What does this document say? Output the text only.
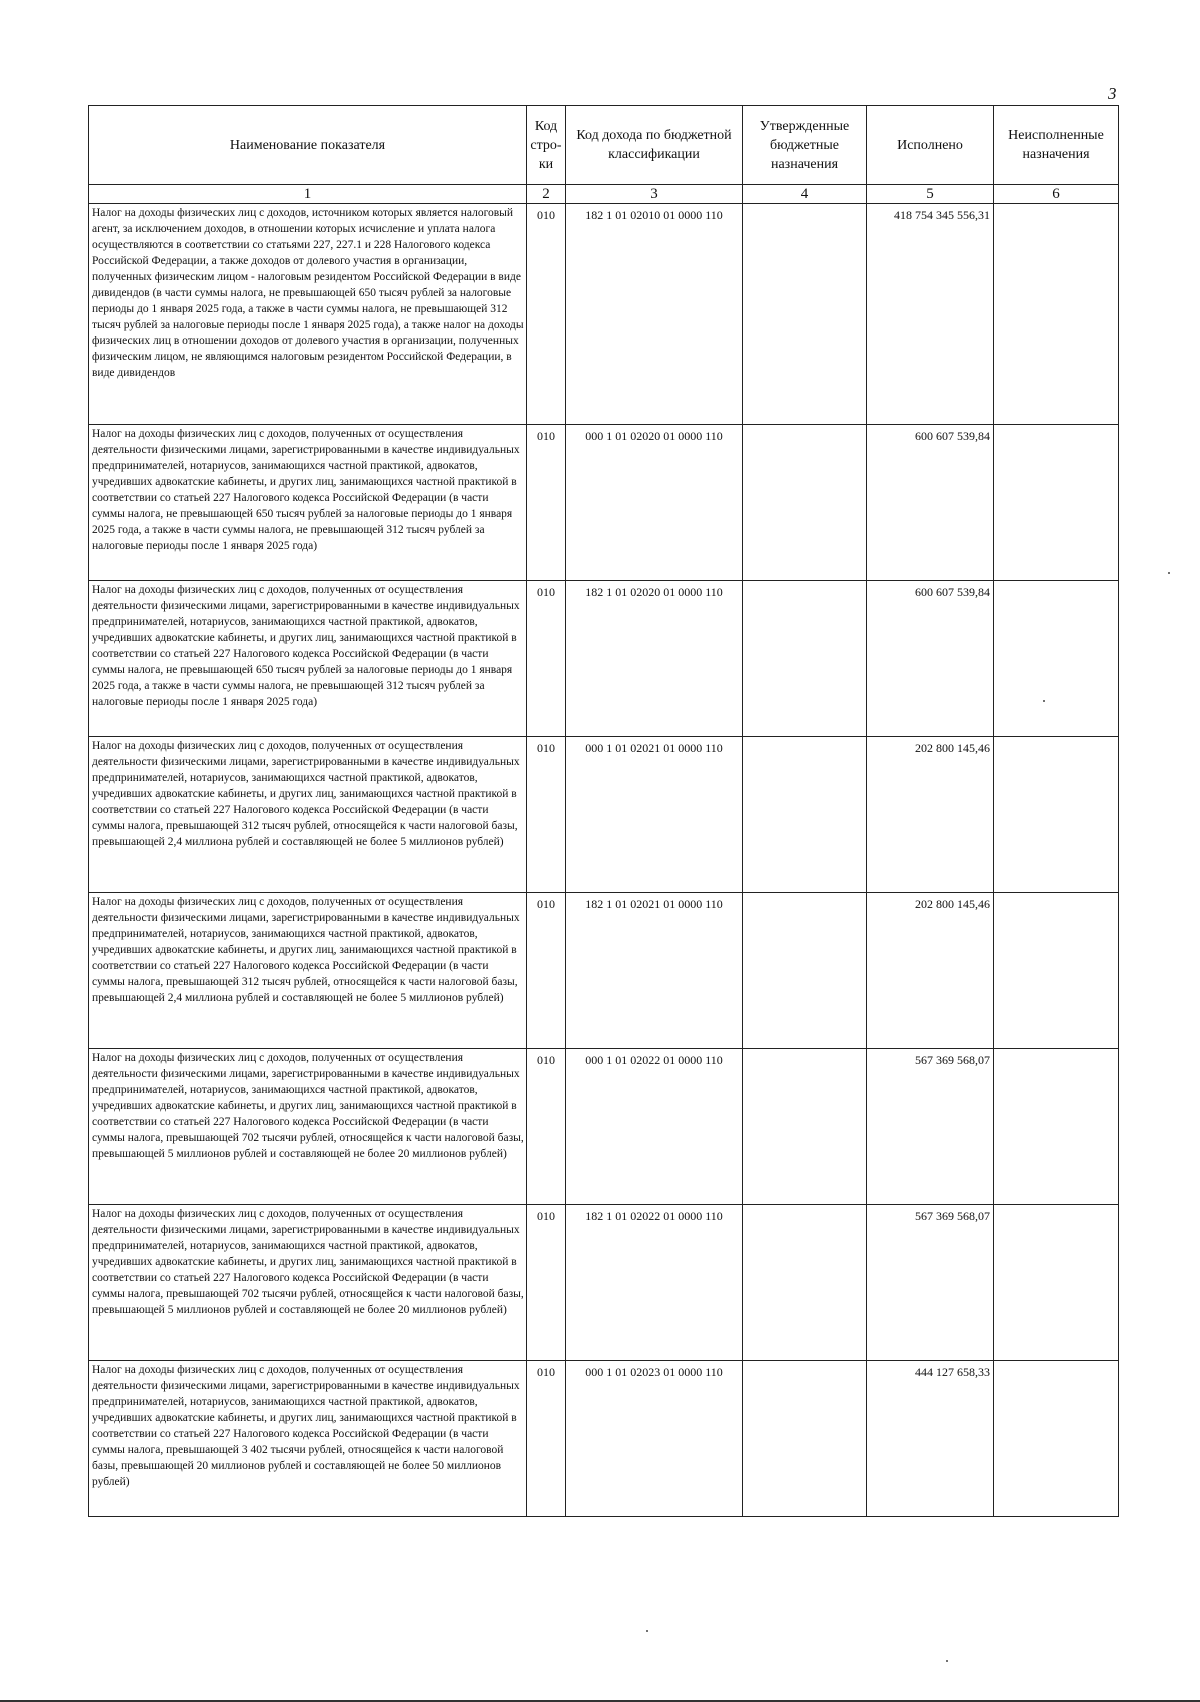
3
Наименование показателя	Код стро-ки	Код дохода по бюджетной классификации	Утвержденные бюджетные назначения	Исполнено	Неисполненные назначения
1	2	3	4	5	6
Налог на доходы физических лиц с доходов, источником которых является налоговый агент, за исключением доходов, в отношении которых исчисление и уплата налога осуществляются в соответствии со статьями 227, 227.1 и 228 Налогового кодекса Российской Федерации, а также доходов от долевого участия в организации, полученных физическим лицом - налоговым резидентом Российской Федерации в виде дивидендов (в части суммы налога, не превышающей 650 тысяч рублей за налоговые периоды до 1 января 2025 года, а также в части суммы налога, не превышающей 312 тысяч рублей за налоговые периоды после 1 января 2025 года), а также налог на доходы физических лиц в отношении доходов от долевого участия в организации, полученных физическим лицом, не являющимся налоговым резидентом Российской Федерации, в виде дивидендов	010	182 1 01 02010 01 0000 110		418 754 345 556,31	
Налог на доходы физических лиц с доходов, полученных от осуществления деятельности физическими лицами, зарегистрированными в качестве индивидуальных предпринимателей, нотариусов, занимающихся частной практикой, адвокатов, учредивших адвокатские кабинеты, и других лиц, занимающихся частной практикой в соответствии со статьей 227 Налогового кодекса Российской Федерации (в части суммы налога, не превышающей 650 тысяч рублей за налоговые периоды до 1 января 2025 года, а также в части суммы налога, не превышающей 312 тысяч рублей за налоговые периоды после 1 января 2025 года)	010	000 1 01 02020 01 0000 110		600 607 539,84	
Налог на доходы физических лиц с доходов, полученных от осуществления деятельности физическими лицами, зарегистрированными в качестве индивидуальных предпринимателей, нотариусов, занимающихся частной практикой, адвокатов, учредивших адвокатские кабинеты, и других лиц, занимающихся частной практикой в соответствии со статьей 227 Налогового кодекса Российской Федерации (в части суммы налога, не превышающей 650 тысяч рублей за налоговые периоды до 1 января 2025 года, а также в части суммы налога, не превышающей 312 тысяч рублей за налоговые периоды после 1 января 2025 года)	010	182 1 01 02020 01 0000 110		600 607 539,84	
Налог на доходы физических лиц с доходов, полученных от осуществления деятельности физическими лицами, зарегистрированными в качестве индивидуальных предпринимателей, нотариусов, занимающихся частной практикой, адвокатов, учредивших адвокатские кабинеты, и других лиц, занимающихся частной практикой в соответствии со статьей 227 Налогового кодекса Российской Федерации (в части суммы налога, превышающей 312 тысяч рублей, относящейся к части налоговой базы, превышающей 2,4 миллиона рублей и составляющей не более 5 миллионов рублей)	010	000 1 01 02021 01 0000 110		202 800 145,46	
Налог на доходы физических лиц с доходов, полученных от осуществления деятельности физическими лицами, зарегистрированными в качестве индивидуальных предпринимателей, нотариусов, занимающихся частной практикой, адвокатов, учредивших адвокатские кабинеты, и других лиц, занимающихся частной практикой в соответствии со статьей 227 Налогового кодекса Российской Федерации (в части суммы налога, превышающей 312 тысяч рублей, относящейся к части налоговой базы, превышающей 2,4 миллиона рублей и составляющей не более 5 миллионов рублей)	010	182 1 01 02021 01 0000 110		202 800 145,46	
Налог на доходы физических лиц с доходов, полученных от осуществления деятельности физическими лицами, зарегистрированными в качестве индивидуальных предпринимателей, нотариусов, занимающихся частной практикой, адвокатов, учредивших адвокатские кабинеты, и других лиц, занимающихся частной практикой в соответствии со статьей 227 Налогового кодекса Российской Федерации (в части суммы налога, превышающей 702 тысячи рублей, относящейся к части налоговой базы, превышающей 5 миллионов рублей и составляющей не более 20 миллионов рублей)	010	000 1 01 02022 01 0000 110		567 369 568,07	
Налог на доходы физических лиц с доходов, полученных от осуществления деятельности физическими лицами, зарегистрированными в качестве индивидуальных предпринимателей, нотариусов, занимающихся частной практикой, адвокатов, учредивших адвокатские кабинеты, и других лиц, занимающихся частной практикой в соответствии со статьей 227 Налогового кодекса Российской Федерации (в части суммы налога, превышающей 702 тысячи рублей, относящейся к части налоговой базы, превышающей 5 миллионов рублей и составляющей не более 20 миллионов рублей)	010	182 1 01 02022 01 0000 110		567 369 568,07	
Налог на доходы физических лиц с доходов, полученных от осуществления деятельности физическими лицами, зарегистрированными в качестве индивидуальных предпринимателей, нотариусов, занимающихся частной практикой, адвокатов, учредивших адвокатские кабинеты, и других лиц, занимающихся частной практикой в соответствии со статьей 227 Налогового кодекса Российской Федерации (в части суммы налога, превышающей 3 402 тысячи рублей, относящейся к части налоговой базы, превышающей 20 миллионов рублей и составляющей не более 50 миллионов рублей)	010	000 1 01 02023 01 0000 110		444 127 658,33	
